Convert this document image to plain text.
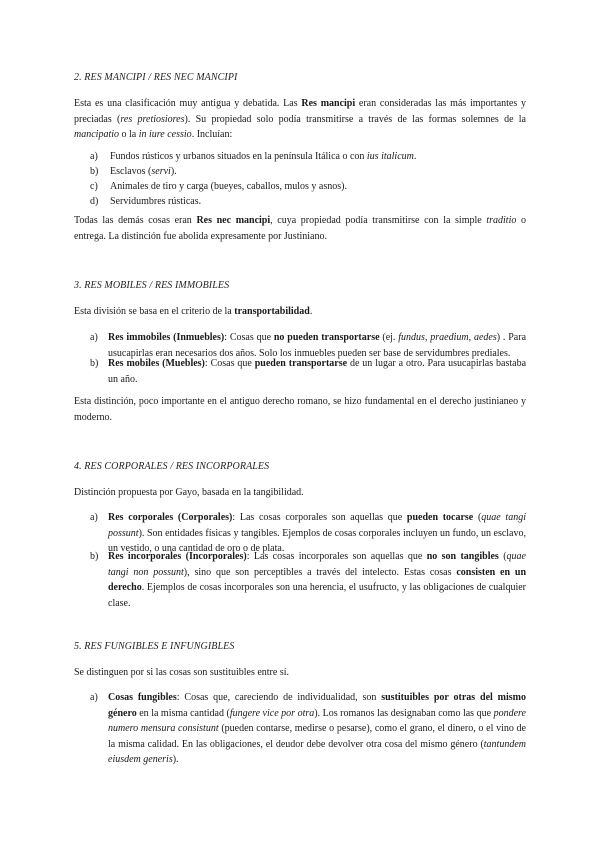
2. RES MANCIPI / RES NEC MANCIPI
Esta es una clasificación muy antigua y debatida. Las Res mancipi eran consideradas las más importantes y preciadas (res pretiosiores). Su propiedad solo podía transmitirse a través de las formas solemnes de la mancipatio o la in iure cessio. Incluían:
a)	Fundos rústicos y urbanos situados en la península Itálica o con ius italicum.
b)	Esclavos (servi).
c)	Animales de tiro y carga (bueyes, caballos, mulos y asnos).
d)	Servidumbres rústicas.
Todas las demás cosas eran Res nec mancipi, cuya propiedad podía transmitirse con la simple traditio o entrega. La distinción fue abolida expresamente por Justiniano.
3. RES MOBILES / RES IMMOBILES
Esta división se basa en el criterio de la transportabilidad.
a)	Res immobiles (Inmuebles): Cosas que no pueden transportarse (ej. fundus, praedium, aedes) . Para usucapirlas eran necesarios dos años. Solo los inmuebles pueden ser base de servidumbres prediales.
b) Res mobiles (Muebles): Cosas que pueden transportarse de un lugar a otro. Para usucapirlas bastaba un año.
Esta distinción, poco importante en el antiguo derecho romano, se hizo fundamental en el derecho justinianeo y moderno.
4. RES CORPORALES / RES INCORPORALES
Distinción propuesta por Gayo, basada en la tangibilidad.
a)	Res corporales (Corporales): Las cosas corporales son aquellas que pueden tocarse (quae tangi possunt). Son entidades físicas y tangibles. Ejemplos de cosas corporales incluyen un fundo, un esclavo, un vestido, o una cantidad de oro o de plata.
b) Res incorporales (Incorporales): Las cosas incorporales son aquellas que no son tangibles (quae tangi non possunt), sino que son perceptibles a través del intelecto. Estas cosas consisten en un derecho. Ejemplos de cosas incorporales son una herencia, el usufructo, y las obligaciones de cualquier clase.
5. RES FUNGIBLES E INFUNGIBLES
Se distinguen por si las cosas son sustituibles entre sí.
a)	Cosas fungibles: Cosas que, careciendo de individualidad, son sustituibles por otras del mismo género en la misma cantidad (fungere vice por otra). Los romanos las designaban como las que pondere numero mensura consistunt (pueden contarse, medirse o pesarse), como el grano, el dinero, o el vino de la misma calidad. En las obligaciones, el deudor debe devolver otra cosa del mismo género (tantundem eiusdem generis).
